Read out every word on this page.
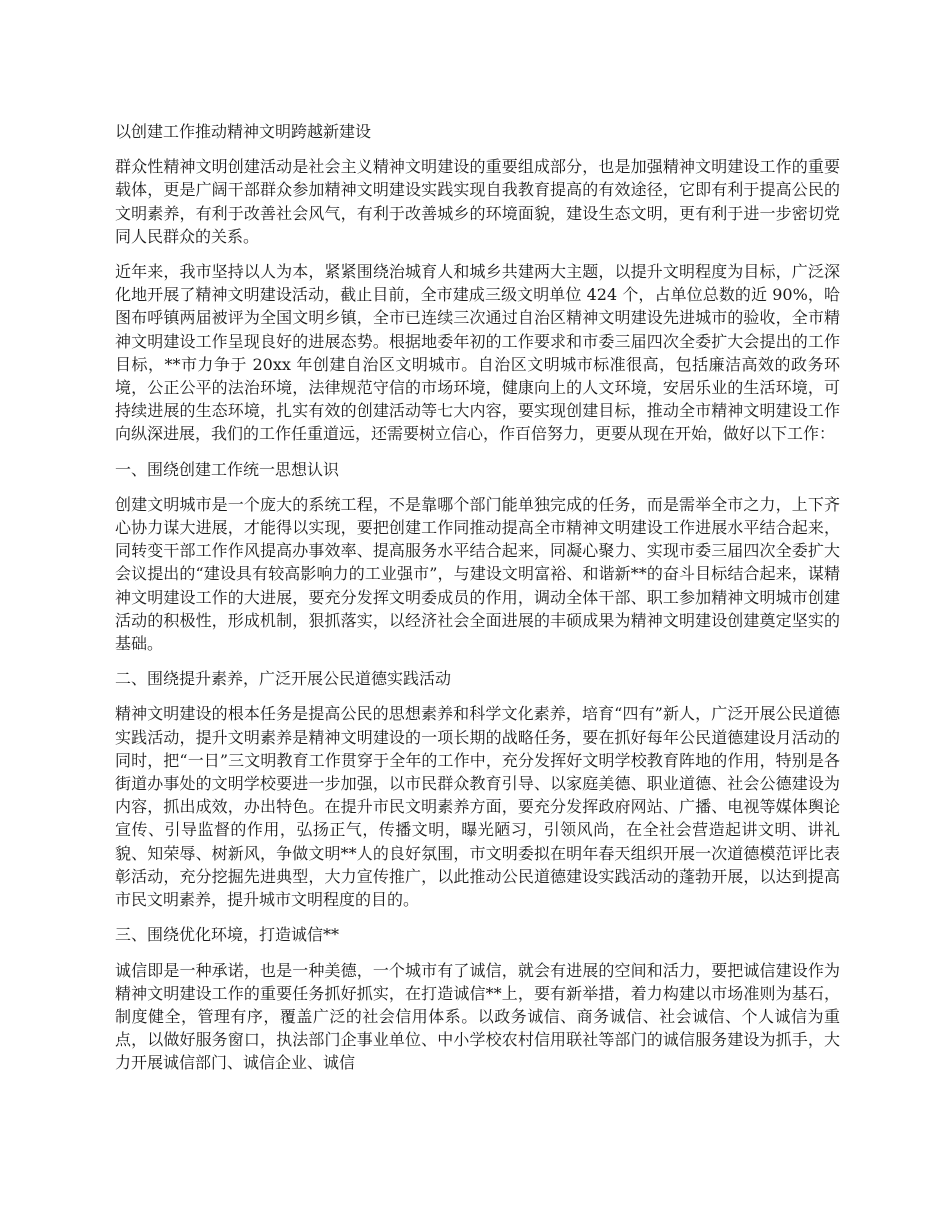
以创建工作推动精神文明跨越新建设

群众性精神文明创建活动是社会主义精神文明建设的重要组成部分，也是加强精神文明建设工作的重要载体，更是广阔干部群众参加精神文明建设实践实现自我教育提高的有效途径，它即有利于提高公民的文明素养，有利于改善社会风气，有利于改善城乡的环境面貌，建设生态文明，更有利于进一步密切党同人民群众的关系。

近年来，我市坚持以人为本，紧紧围绕治城育人和城乡共建两大主题，以提升文明程度为目标，广泛深化地开展了精神文明建设活动，截止目前，全市建成三级文明单位 424 个，占单位总数的近 90%，哈图布呼镇两届被评为全国文明乡镇，全市已连续三次通过自治区精神文明建设先进城市的验收，全市精神文明建设工作呈现良好的进展态势。根据地委年初的工作要求和市委三届四次全委扩大会提出的工作目标，**市力争于 20xx 年创建自治区文明城市。自治区文明城市标准很高，包括廉洁高效的政务环境，公正公平的法治环境，法律规范守信的市场环境，健康向上的人文环境，安居乐业的生活环境，可持续进展的生态环境，扎实有效的创建活动等七大内容，要实现创建目标，推动全市精神文明建设工作向纵深进展，我们的工作任重道远，还需要树立信心，作百倍努力，更要从现在开始，做好以下工作：

一、围绕创建工作统一思想认识

创建文明城市是一个庞大的系统工程，不是靠哪个部门能单独完成的任务，而是需举全市之力，上下齐心协力谋大进展，才能得以实现，要把创建工作同推动提高全市精神文明建设工作进展水平结合起来，同转变干部工作作风提高办事效率、提高服务水平结合起来，同凝心聚力、实现市委三届四次全委扩大会议提出的“建设具有较高影响力的工业强市”，与建设文明富裕、和谐新**的奋斗目标结合起来，谋精神文明建设工作的大进展，要充分发挥文明委成员的作用，调动全体干部、职工参加精神文明城市创建活动的积极性，形成机制，狠抓落实，以经济社会全面进展的丰硕成果为精神文明建设创建奠定坚实的基础。

二、围绕提升素养，广泛开展公民道德实践活动

精神文明建设的根本任务是提高公民的思想素养和科学文化素养，培育“四有”新人，广泛开展公民道德实践活动，提升文明素养是精神文明建设的一项长期的战略任务，要在抓好每年公民道德建设月活动的同时，把“一日”三文明教育工作贯穿于全年的工作中，充分发挥好文明学校教育阵地的作用，特别是各街道办事处的文明学校要进一步加强，以市民群众教育引导、以家庭美德、职业道德、社会公德建设为内容，抓出成效，办出特色。在提升市民文明素养方面，要充分发挥政府网站、广播、电视等媒体舆论宣传、引导监督的作用，弘扬正气，传播文明，曝光陋习，引领风尚，在全社会营造起讲文明、讲礼貌、知荣辱、树新风，争做文明**人的良好氛围，市文明委拟在明年春天组织开展一次道德模范评比表彰活动，充分挖掘先进典型，大力宣传推广，以此推动公民道德建设实践活动的蓬勃开展，以达到提高市民文明素养，提升城市文明程度的目的。

三、围绕优化环境，打造诚信**

诚信即是一种承诺，也是一种美德，一个城市有了诚信，就会有进展的空间和活力，要把诚信建设作为精神文明建设工作的重要任务抓好抓实，在打造诚信**上，要有新举措，着力构建以市场准则为基石，制度健全，管理有序，覆盖广泛的社会信用体系。以政务诚信、商务诚信、社会诚信、个人诚信为重点，以做好服务窗口，执法部门企事业单位、中小学校农村信用联社等部门的诚信服务建设为抓手，大力开展诚信部门、诚信企业、诚信
